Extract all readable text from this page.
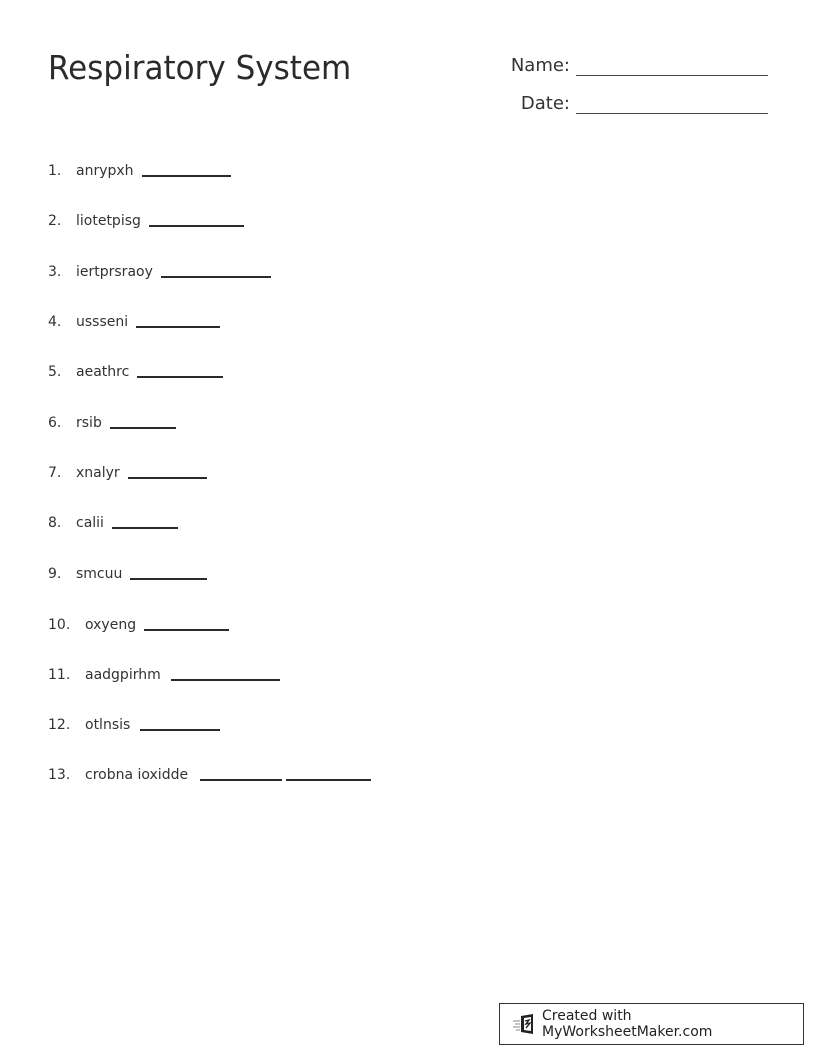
Respiratory System	Name:
Date:
1.	anrypxh
2.	liotetpisg
3.	iertprsraoy
4.	ussseni
5.	aeathrc
6.	rsib
7.	xnalyr
8.	calii
9.	smcuu
10.	oxyeng
11.	aadgpirhm
12.	otlnsis
13.	crobna ioxidde
Created with MyWorksheetMaker.com
